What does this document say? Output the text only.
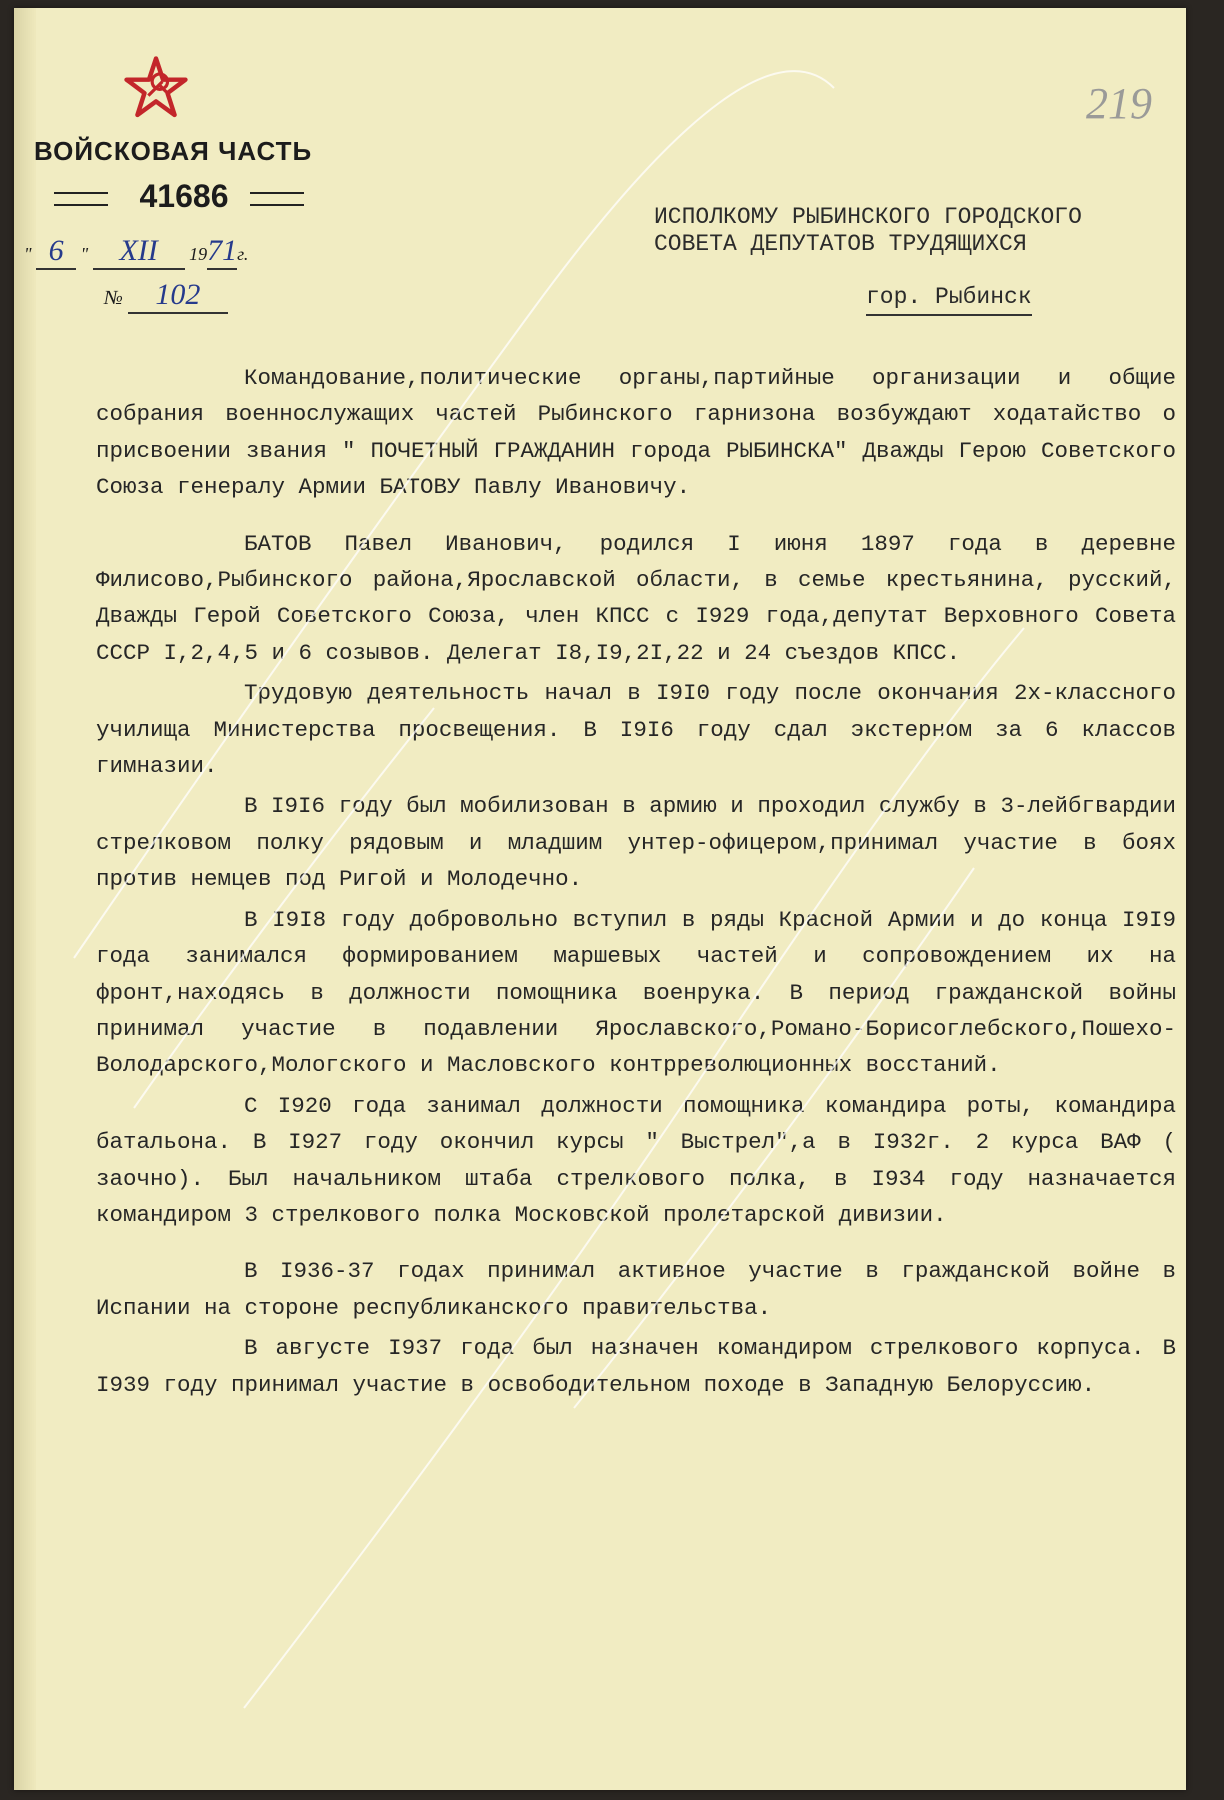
ВОЙСКОВАЯ ЧАСТЬ
41686
" 6 " XII 1971г.
№ 102
219
ИСПОЛКОМУ РЫБИНСКОГО ГОРОДСКОГО
СОВЕТА ДЕПУТАТОВ ТРУДЯЩИХСЯ
гор. Рыбинск

Командование,политические органы,партийные организации и общие собрания военнослужащих частей Рыбинского гарнизона возбуждают ходатайство о присвоении звания " ПОЧЕТНЫЙ ГРАЖДАНИН города РЫБИНСКА" Дважды Герою Советского Союза генералу Армии БАТОВУ Павлу Ивановичу.

БАТОВ Павел Иванович, родился I июня 1897 года в деревне Филисово,Рыбинского района,Ярославской области, в семье крестьянина, русский, Дважды Герой Советского Союза, член КПСС с I929 года,депутат Верховного Совета СССР I,2,4,5 и 6 созывов. Делегат I8,I9,2I,22 и 24 съездов КПСС.

Трудовую деятельность начал в I9I0 году после окончания 2х-классного училища Министерства просвещения. В I9I6 году сдал экстерном за 6 классов гимназии.

В I9I6 году был мобилизован в армию и проходил службу в 3-лейбгвардии стрелковом полку рядовым и младшим унтер-офицером,принимал участие в боях против немцев под Ригой и Молодечно.

В I9I8 году добровольно вступил в ряды Красной Армии и до конца I9I9 года занимался формированием маршевых частей и сопровождением их на фронт,находясь в должности помощника военрука. В период гражданской войны принимал участие в подавлении Ярославского,Романо-Борисоглебского,Пошехо-Володарского,Мологского и Масловского контрреволюционных восстаний.

С I920 года занимал должности помощника командира роты, командира батальона. В I927 году окончил курсы " Выстрел",а в I932г. 2 курса ВАФ ( заочно). Был начальником штаба стрелкового полка, в I934 году назначается командиром 3 стрелкового полка Московской пролетарской дивизии.

В I936-37 годах принимал активное участие в гражданской войне в Испании на стороне республиканского правительства.

В августе I937 года был назначен командиром стрелкового корпуса. В I939 году принимал участие в освободительном походе в Западную Белоруссию.
